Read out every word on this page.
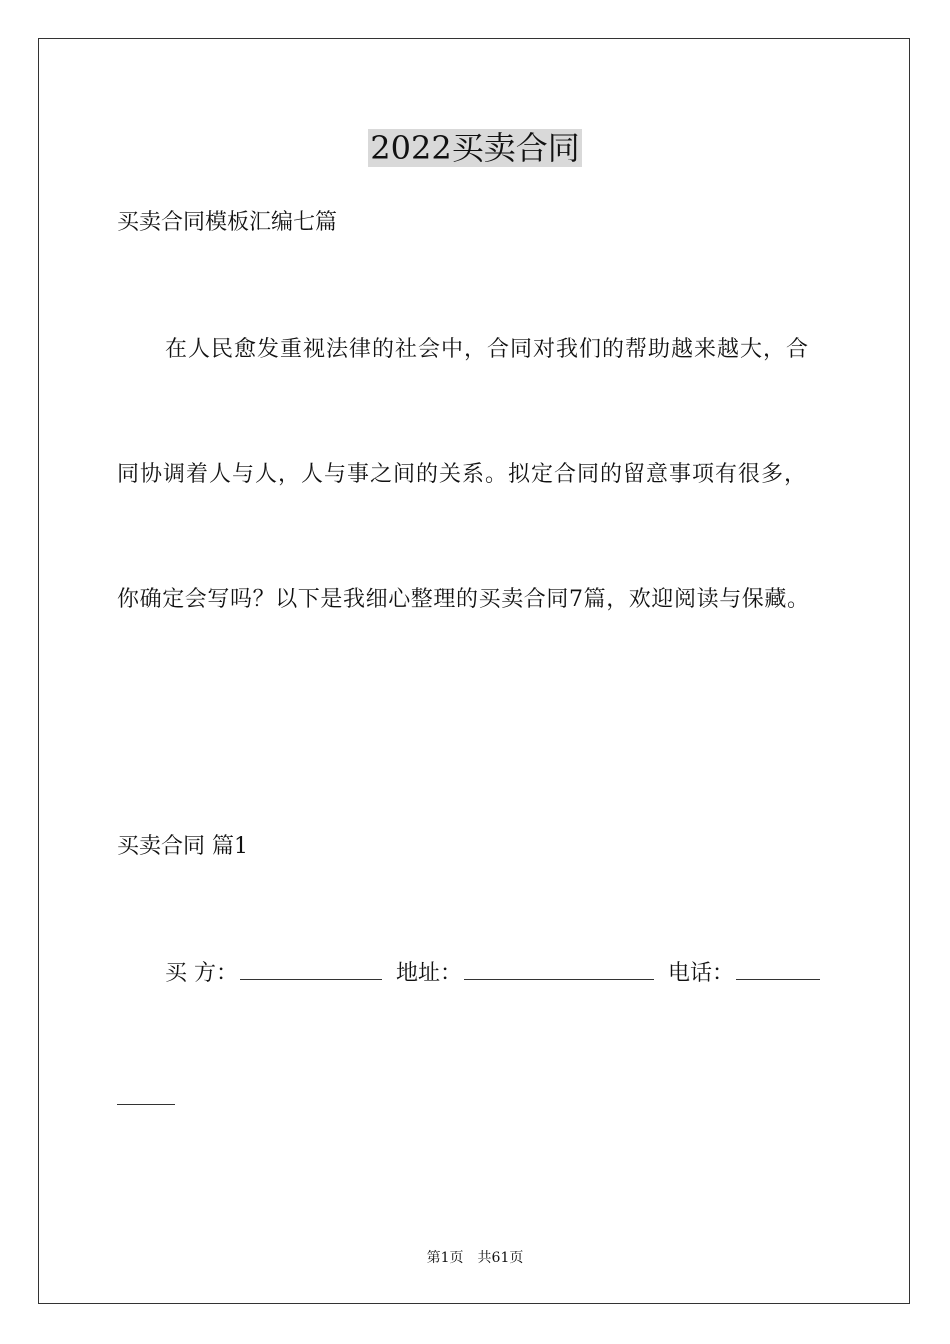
2022买卖合同
买卖合同模板汇编七篇
在人民愈发重视法律的社会中，合同对我们的帮助越来越大，合
同协调着人与人，人与事之间的关系。拟定合同的留意事项有很多，
你确定会写吗？以下是我细心整理的买卖合同7篇，欢迎阅读与保藏。
买卖合同 篇1
买 方：	地址：	电话：
第1页 共61页
